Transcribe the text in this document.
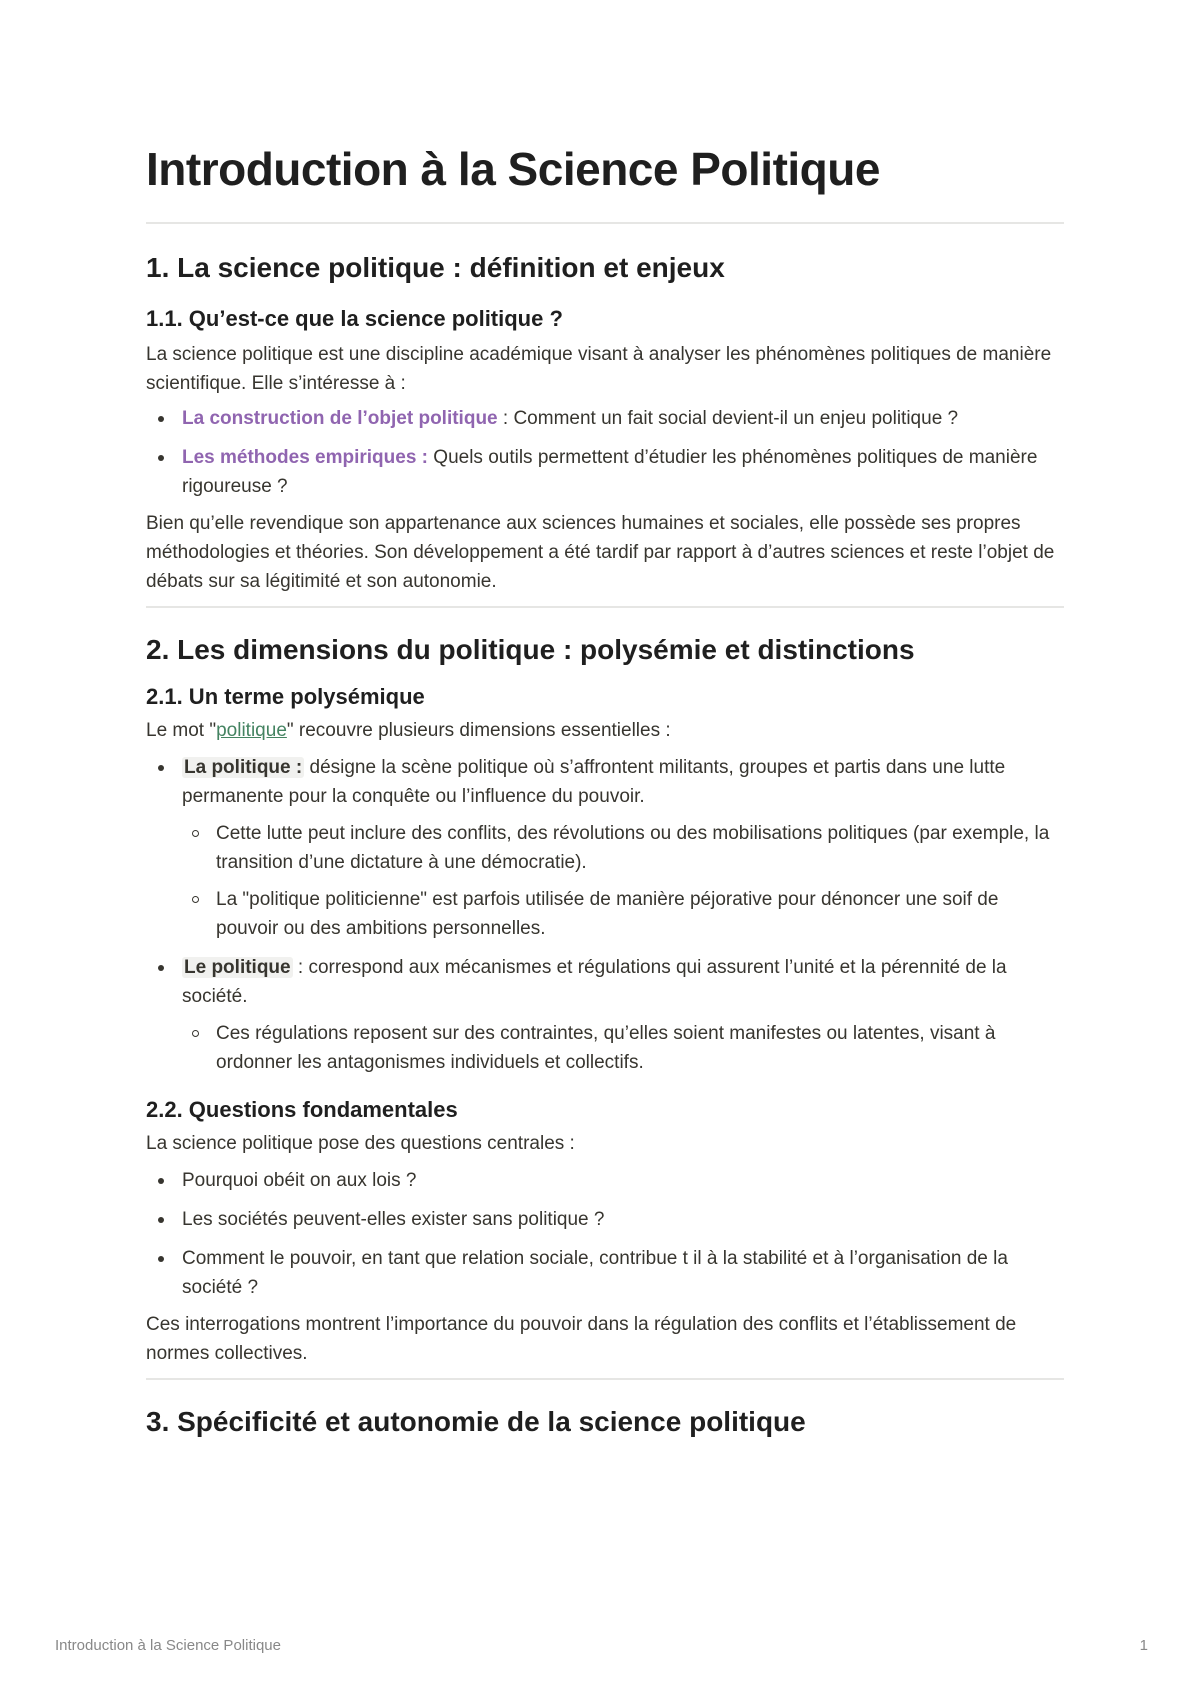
Introduction à la Science Politique
1. La science politique : définition et enjeux
1.1. Qu’est-ce que la science politique ?

La science politique est une discipline académique visant à analyser les phénomènes politiques de manière scientifique. Elle s’intéresse à :

La construction de l’objet politique : Comment un fait social devient-il un enjeu politique ?
Les méthodes empiriques : Quels outils permettent d’étudier les phénomènes politiques de manière rigoureuse ?

Bien qu’elle revendique son appartenance aux sciences humaines et sociales, elle possède ses propres méthodologies et théories. Son développement a été tardif par rapport à d’autres sciences et reste l’objet de débats sur sa légitimité et son autonomie.

2. Les dimensions du politique : polysémie et distinctions
2.1. Un terme polysémique

Le mot "politique" recouvre plusieurs dimensions essentielles :

La politique : désigne la scène politique où s’affrontent militants, groupes et partis dans une lutte permanente pour la conquête ou l’influence du pouvoir.
Cette lutte peut inclure des conflits, des révolutions ou des mobilisations politiques (par exemple, la transition d’une dictature à une démocratie).
La "politique politicienne" est parfois utilisée de manière péjorative pour dénoncer une soif de pouvoir ou des ambitions personnelles.
Le politique : correspond aux mécanismes et régulations qui assurent l’unité et la pérennité de la société.
Ces régulations reposent sur des contraintes, qu’elles soient manifestes ou latentes, visant à ordonner les antagonismes individuels et collectifs.
2.2. Questions fondamentales

La science politique pose des questions centrales :

Pourquoi obéit on aux lois ?
Les sociétés peuvent-elles exister sans politique ?
Comment le pouvoir, en tant que relation sociale, contribue t il à la stabilité et à l’organisation de la société ?

Ces interrogations montrent l’importance du pouvoir dans la régulation des conflits et l’établissement de normes collectives.

3. Spécificité et autonomie de la science politique
Introduction à la Science Politique	1
